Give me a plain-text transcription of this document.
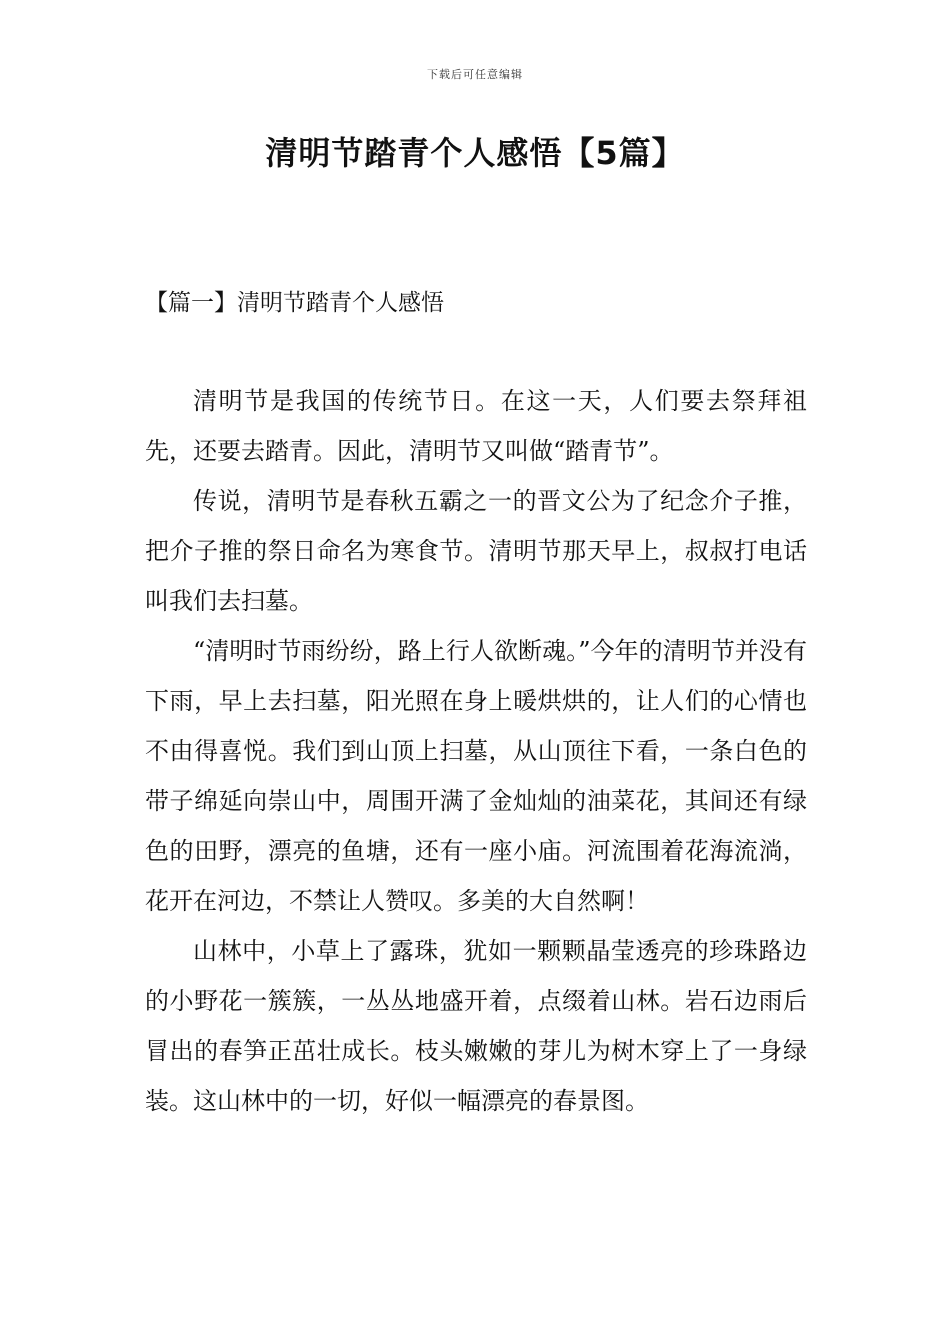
下载后可任意编辑
清明节踏青个人感悟【5篇】
【篇一】清明节踏青个人感悟

清明节是我国的传统节日。在这一天，人们要去祭拜祖先，还要去踏青。因此，清明节又叫做“踏青节”。

传说，清明节是春秋五霸之一的晋文公为了纪念介子推，把介子推的祭日命名为寒食节。清明节那天早上，叔叔打电话叫我们去扫墓。

“清明时节雨纷纷，路上行人欲断魂。”今年的清明节并没有下雨，早上去扫墓，阳光照在身上暖烘烘的，让人们的心情也不由得喜悦。我们到山顶上扫墓，从山顶往下看，一条白色的带子绵延向崇山中，周围开满了金灿灿的油菜花，其间还有绿色的田野，漂亮的鱼塘，还有一座小庙。河流围着花海流淌，花开在河边，不禁让人赞叹。多美的大自然啊！

山林中，小草上了露珠，犹如一颗颗晶莹透亮的珍珠路边的小野花一簇簇，一丛丛地盛开着，点缀着山林。岩石边雨后冒出的春笋正茁壮成长。枝头嫩嫩的芽儿为树木穿上了一身绿装。这山林中的一切，好似一幅漂亮的春景图。
